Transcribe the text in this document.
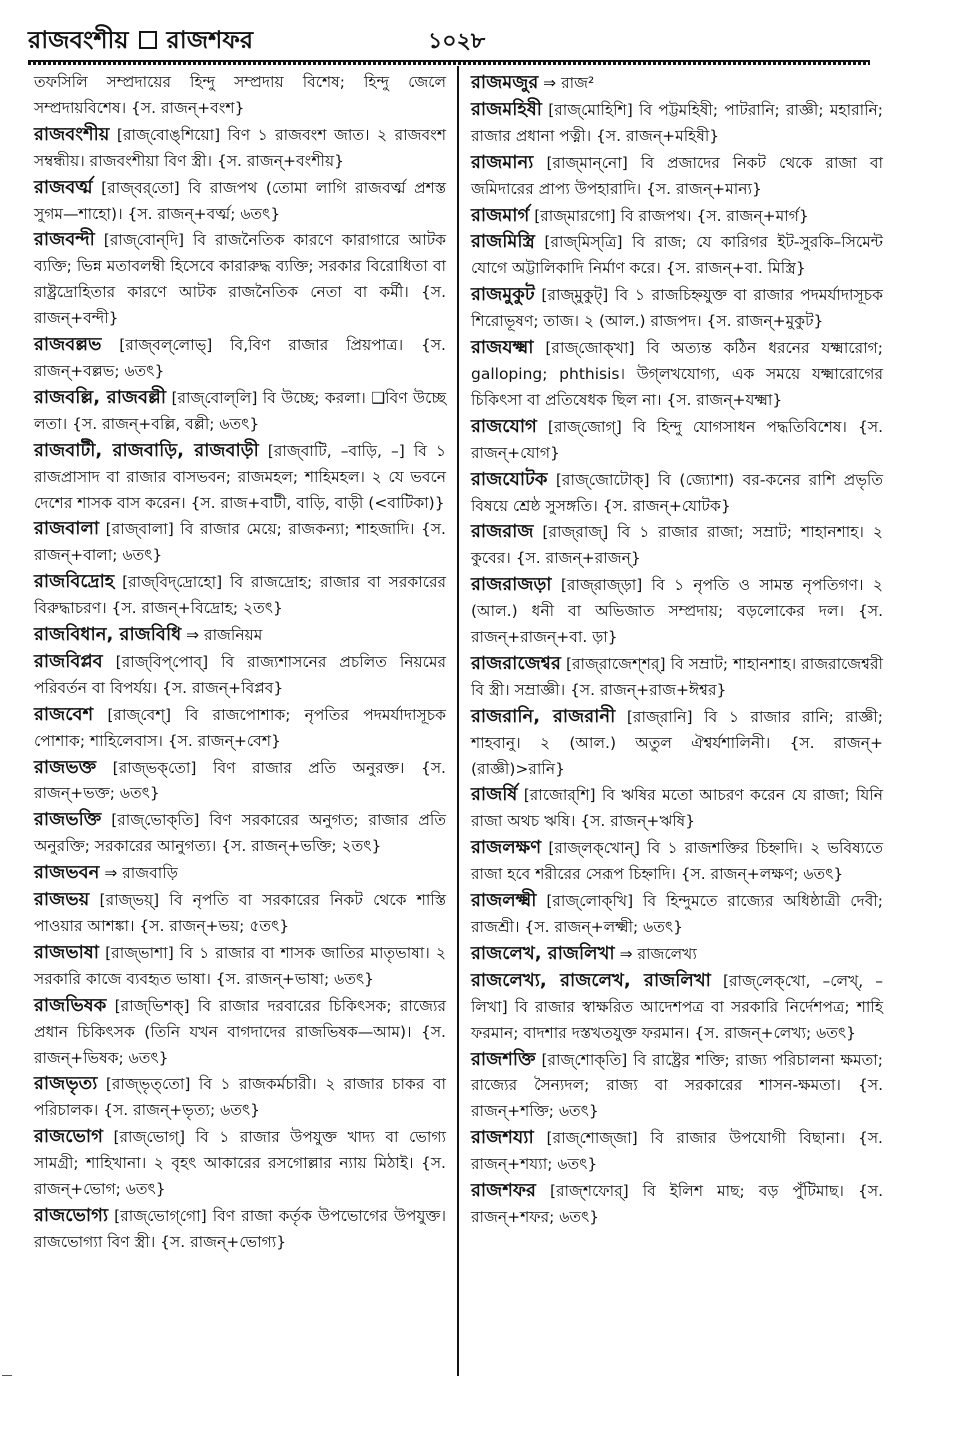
রাজবংশীয় রাজশফর	১০২৮

তফসিলি সম্প্রদায়ের হিন্দু সম্প্রদায় বিশেষ; হিন্দু জেলে সম্প্রদায়বিশেষ। {স. রাজন্+বংশ}

রাজবংশীয় [রাজ্‌বোঙ্‌শিয়ো] বিণ ১ রাজবংশ জাত। ২ রাজবংশ সম্বন্ধীয়। রাজবংশীয়া বিণ স্ত্রী। {স. রাজন্+বংশীয়}

রাজবর্ত্ম [রাজ্‌বর্‌তো] বি রাজপথ (তোমা লাগি রাজবর্ত্ম প্রশস্ত সুগম—শাহো)। {স. রাজন্+বর্ত্ম; ৬তৎ}

রাজবন্দী [রাজ্‌বোন্‌দি] বি রাজনৈতিক কারণে কারাগারে আটক ব্যক্তি; ভিন্ন মতাবলম্বী হিসেবে কারারুদ্ধ ব্যক্তি; সরকার বিরোধিতা বা রাষ্ট্রদ্রোহিতার কারণে আটক রাজনৈতিক নেতা বা কর্মী। {স. রাজন্+বন্দী}

রাজবল্লভ [রাজ্‌বল্‌লোভ্] বি,বিণ রাজার প্রিয়পাত্র। {স. রাজন্+বল্লভ; ৬তৎ}

রাজবল্লি, রাজবল্লী [রাজ্‌বোল্‌লি] বি উচ্ছে; করলা। ❑বিণ উচ্ছে লতা। {স. রাজন্+বল্লি, বল্লী; ৬তৎ}

রাজবাটী, রাজবাড়ি, রাজবাড়ী [রাজ্‌বাটি, –বাড়ি, –] বি ১ রাজপ্রাসাদ বা রাজার বাসভবন; রাজমহল; শাহিমহল। ২ যে ভবনে দেশের শাসক বাস করেন। {স. রাজ+বাটী, বাড়ি, বাড়ী (<বাটিকা)}

রাজবালা [রাজ্‌বালা] বি রাজার মেয়ে; রাজকন্যা; শাহজাদি। {স. রাজন্+বালা; ৬তৎ}

রাজবিদ্রোহ [রাজ্‌বিদ্‌দ্রোহো] বি রাজদ্রোহ; রাজার বা সরকারের বিরুদ্ধাচরণ। {স. রাজন্+বিদ্রোহ; ২তৎ}

রাজবিধান, রাজবিধি ⇒ রাজনিয়ম

রাজবিপ্লব [রাজ্‌বিপ্‌পোব্] বি রাজ্যশাসনের প্রচলিত নিয়মের পরিবর্তন বা বিপর্যয়। {স. রাজন্+বিপ্লব}

রাজবেশ [রাজ্‌বেশ্] বি রাজপোশাক; নৃপতির পদমর্যাদাসূচক পোশাক; শাহিলেবাস। {স. রাজন্+বেশ}

রাজভক্ত [রাজ্‌ভক্‌তো] বিণ রাজার প্রতি অনুরক্ত। {স. রাজন্+ভক্ত; ৬তৎ}

রাজভক্তি [রাজ্‌ভোক্‌তি] বিণ সরকারের অনুগত; রাজার প্রতি অনুরক্তি; সরকারের আনুগত্য। {স. রাজন্+ভক্তি; ২তৎ}

রাজভবন ⇒ রাজবাড়ি

রাজভয় [রাজ্‌ভয়্] বি নৃপতি বা সরকারের নিকট থেকে শাস্তি পাওয়ার আশঙ্কা। {স. রাজন্+ভয়; ৫তৎ}

রাজভাষা [রাজ্‌ভাশা] বি ১ রাজার বা শাসক জাতির মাতৃভাষা। ২ সরকারি কাজে ব্যবহৃত ভাষা। {স. রাজন্+ভাষা; ৬তৎ}

রাজভিষক [রাজ্‌ভিশক্] বি রাজার দরবারের চিকিৎসক; রাজ্যের প্রধান চিকিৎসক (তিনি যখন বাগদাদের রাজভিষক—আম)। {স. রাজন্+ভিষক; ৬তৎ}

রাজভৃত্য [রাজ্‌ভৃত্‌তো] বি ১ রাজকর্মচারী। ২ রাজার চাকর বা পরিচালক। {স. রাজন্+ভৃত্য; ৬তৎ}

রাজভোগ [রাজ্‌ভোগ্] বি ১ রাজার উপযুক্ত খাদ্য বা ভোগ্য সামগ্রী; শাহিখানা। ২ বৃহৎ আকারের রসগোল্লার ন্যায় মিঠাই। {স. রাজন্+ভোগ; ৬তৎ}

রাজভোগ্য [রাজ্‌ভোগ্‌গো] বিণ রাজা কর্তৃক উপভোগের উপযুক্ত। রাজভোগ্যা বিণ স্ত্রী। {স. রাজন্+ভোগ্য}

রাজমজুর ⇒ রাজ²

রাজমহিষী [রাজ্‌মোহিশি] বি পট্টমহিষী; পাটরানি; রাজ্ঞী; মহারানি; রাজার প্রধানা পত্নী। {স. রাজন্+মহিষী}

রাজমান্য [রাজ্‌মান্‌নো] বি প্রজাদের নিকট থেকে রাজা বা জমিদারের প্রাপ্য উপহারাদি। {স. রাজন্+মান্য}

রাজমার্গ [রাজ্‌মারগো] বি রাজপথ। {স. রাজন্+মার্গ}

রাজমিস্ত্রি [রাজ্‌মিস্‌ত্রি] বি রাজ; যে কারিগর ইট-সুরকি–সিমেন্ট যোগে অট্টালিকাদি নির্মাণ করে। {স. রাজন্+বা. মিস্ত্রি}

রাজমুকুট [রাজ্‌মুকুট্] বি ১ রাজচিহ্নযুক্ত বা রাজার পদমর্যাদাসূচক শিরোভূষণ; তাজ। ২ (আল.) রাজপদ। {স. রাজন্+মুকুট}

রাজযক্ষ্মা [রাজ্‌জোক্‌খা] বি অত্যন্ত কঠিন ধরনের যক্ষ্মারোগ; galloping; phthisis। উগ্‌লখযোগ্য, এক সময়ে যক্ষ্মারোগের চিকিৎসা বা প্রতিষেধক ছিল না। {স. রাজন্+যক্ষ্মা}

রাজযোগ [রাজ্‌জোগ্] বি হিন্দু যোগসাধন পদ্ধতিবিশেষ। {স. রাজন্+যোগ}

রাজযোটক [রাজ্‌জোটোক্] বি (জ্যোশা) বর-কনের রাশি প্রভৃতি বিষয়ে শ্রেষ্ঠ সুসঙ্গতি। {স. রাজন্+যোটক}

রাজরাজ [রাজ্‌রাজ্] বি ১ রাজার রাজা; সম্রাট; শাহানশাহ। ২ কুবের। {স. রাজন্+রাজন্}

রাজরাজড়া [রাজ্‌রাজ্‌ড়া] বি ১ নৃপতি ও সামন্ত নৃপতিগণ। ২ (আল.) ধনী বা অভিজাত সম্প্রদায়; বড়লোকের দল। {স. রাজন্+রাজন্+বা. ড়া}

রাজরাজেশ্বর [রাজ্‌রাজেশ্‌শর্] বি সম্রাট; শাহানশাহ। রাজরাজেশ্বরী বি স্ত্রী। সম্রাজ্ঞী। {স. রাজন্+রাজ+ঈশ্বর}

রাজরানি, রাজরানী [রাজ্‌রানি] বি ১ রাজার রানি; রাজ্ঞী; শাহবানু। ২ (আল.) অতুল ঐশ্বর্যশালিনী। {স. রাজন্+(রাজ্ঞী)>রানি}

রাজর্ষি [রাজোর্‌শি] বি ঋষির মতো আচরণ করেন যে রাজা; যিনি রাজা অথচ ঋষি। {স. রাজন্+ঋষি}

রাজলক্ষণ [রাজ্‌লক্‌খোন্] বি ১ রাজশক্তির চিহ্নাদি। ২ ভবিষ্যতে রাজা হবে শরীরের সেরূপ চিহ্নাদি। {স. রাজন্+লক্ষণ; ৬তৎ}

রাজলক্ষ্মী [রাজ্‌লোক্‌খি] বি হিন্দুমতে রাজ্যের অধিষ্ঠাত্রী দেবী; রাজশ্রী। {স. রাজন্+লক্ষ্মী; ৬তৎ}

রাজলেখ, রাজলিখা ⇒ রাজলেখ্য

রাজলেখ্য, রাজলেখ, রাজলিখা [রাজ্‌লেক্‌খো, –লেখ্, –লিখা] বি রাজার স্বাক্ষরিত আদেশপত্র বা সরকারি নির্দেশপত্র; শাহি ফরমান; বাদশার দস্তখতযুক্ত ফরমান। {স. রাজন্+লেখ্য; ৬তৎ}

রাজশক্তি [রাজ্‌শোক্‌তি] বি রাষ্ট্রের শক্তি; রাজ্য পরিচালনা ক্ষমতা; রাজ্যের সৈন্যদল; রাজ্য বা সরকারের শাসন-ক্ষমতা। {স. রাজন্+শক্তি; ৬তৎ}

রাজশয্যা [রাজ্‌শোজ্‌জা] বি রাজার উপযোগী বিছানা। {স. রাজন্+শয্যা; ৬তৎ}

রাজশফর [রাজ্‌শফোর্] বি ইলিশ মাছ; বড় পুঁটিমাছ। {স. রাজন্+শফর; ৬তৎ}
